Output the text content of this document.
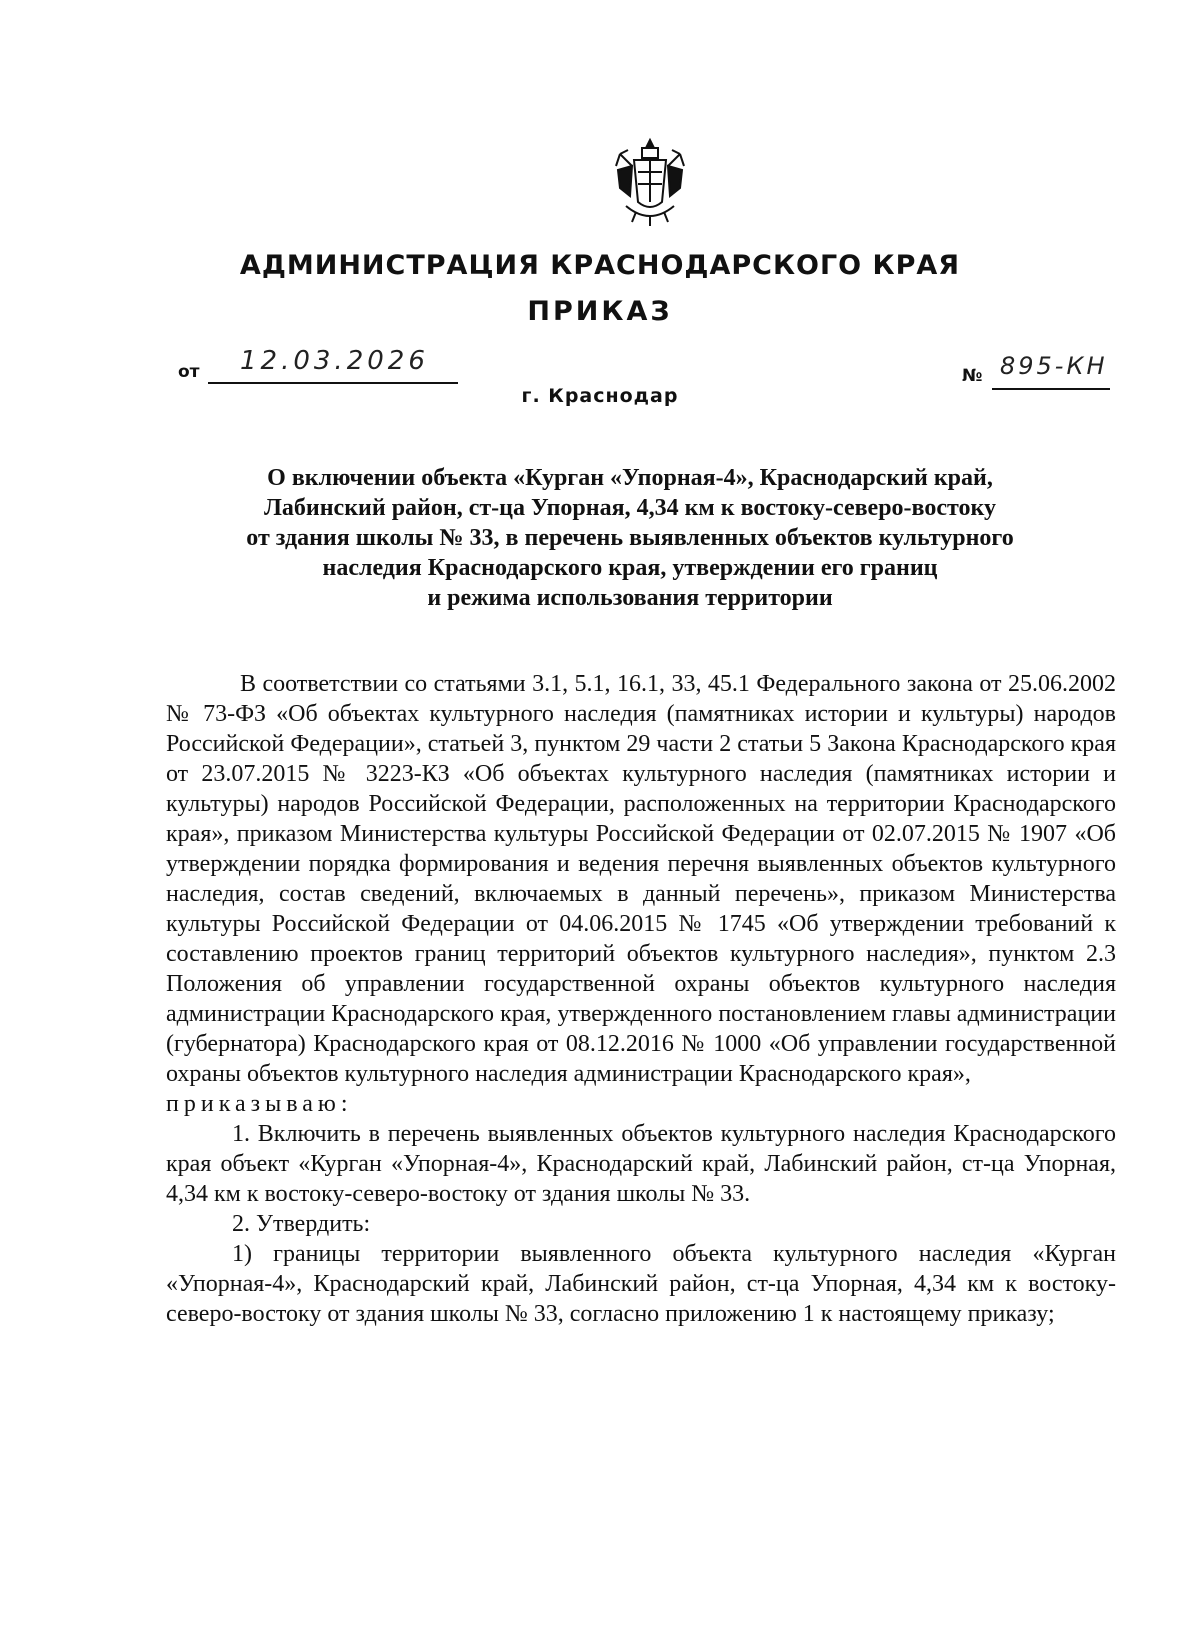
АДМИНИСТРАЦИЯ КРАСНОДАРСКОГО КРАЯ
ПРИКАЗ
от 12.03.2026	№ 895-КН
г. Краснодар
О включении объекта «Курган «Упорная-4», Краснодарский край,
Лабинский район, ст-ца Упорная, 4,34 км к востоку-северо-востоку
от здания школы № 33, в перечень выявленных объектов культурного
наследия Краснодарского края, утверждении его границ
и режима использования территории

В соответствии со статьями 3.1, 5.1, 16.1, 33, 45.1 Федерального закона от 25.06.2002 № 73-ФЗ «Об объектах культурного наследия (памятниках истории и культуры) народов Российской Федерации», статьей 3, пунктом 29 части 2 статьи 5 Закона Краснодарского края от 23.07.2015 № 3223-КЗ «Об объектах культурного наследия (памятниках истории и культуры) народов Российской Федерации, расположенных на территории Краснодарского края», приказом Министерства культуры Российской Федерации от 02.07.2015 № 1907 «Об утверждении порядка формирования и ведения перечня выявленных объектов культурного наследия, состав сведений, включаемых в данный перечень», приказом Министерства культуры Российской Федерации от 04.06.2015 № 1745 «Об утверждении требований к составлению проектов границ территорий объектов культурного наследия», пунктом 2.3 Положения об управлении государственной охраны объектов культурного наследия администрации Краснодарского края, утвержденного постановлением главы администрации (губернатора) Краснодарского края от 08.12.2016 № 1000 «Об управлении государственной охраны объектов культурного наследия администрации Краснодарского края»,

приказываю:

1. Включить в перечень выявленных объектов культурного наследия Краснодарского края объект «Курган «Упорная-4», Краснодарский край, Лабинский район, ст-ца Упорная, 4,34 км к востоку-северо-востоку от здания школы № 33.

2. Утвердить:

1) границы территории выявленного объекта культурного наследия «Курган «Упорная-4», Краснодарский край, Лабинский район, ст-ца Упорная, 4,34 км к востоку-северо-востоку от здания школы № 33, согласно приложению 1 к настоящему приказу;
